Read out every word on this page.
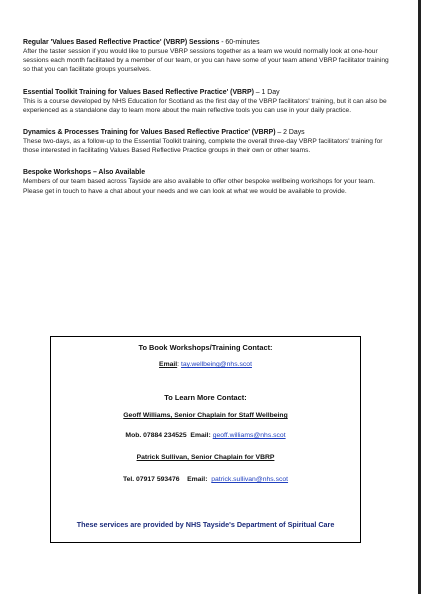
Regular 'Values Based Reflective Practice' (VBRP) Sessions - 60-minutes
After the taster session if you would like to pursue VBRP sessions together as a team we would normally look at one-hour sessions each month facilitated by a member of our team, or you can have some of your team attend VBRP facilitator training so that you can facilitate groups yourselves.
Essential Toolkit Training for Values Based Reflective Practice' (VBRP) – 1 Day
This is a course developed by NHS Education for Scotland as the first day of the VBRP facilitators' training, but it can also be experienced as a standalone day to learn more about the main reflective tools you can use in your daily practice.
Dynamics & Processes Training for Values Based Reflective Practice' (VBRP) – 2 Days
These two-days, as a follow-up to the Essential Toolkit training, complete the overall three-day VBRP facilitators' training for those interested in facilitating Values Based Reflective Practice groups in their own or other teams.
Bespoke Workshops – Also Available
Members of our team based across Tayside are also available to offer other bespoke wellbeing workshops for your team. Please get in touch to have a chat about your needs and we can look at what we would be available to provide.
To Book Workshops/Training Contact:
Email: tay.wellbeing@nhs.scot
To Learn More Contact:
Geoff Williams, Senior Chaplain for Staff Wellbeing
Mob. 07884 234525 Email: geoff.williams@nhs.scot
Patrick Sullivan, Senior Chaplain for VBRP
Tel. 07917 593476 Email: patrick.sullivan@nhs.scot
These services are provided by NHS Tayside's Department of Spiritual Care
